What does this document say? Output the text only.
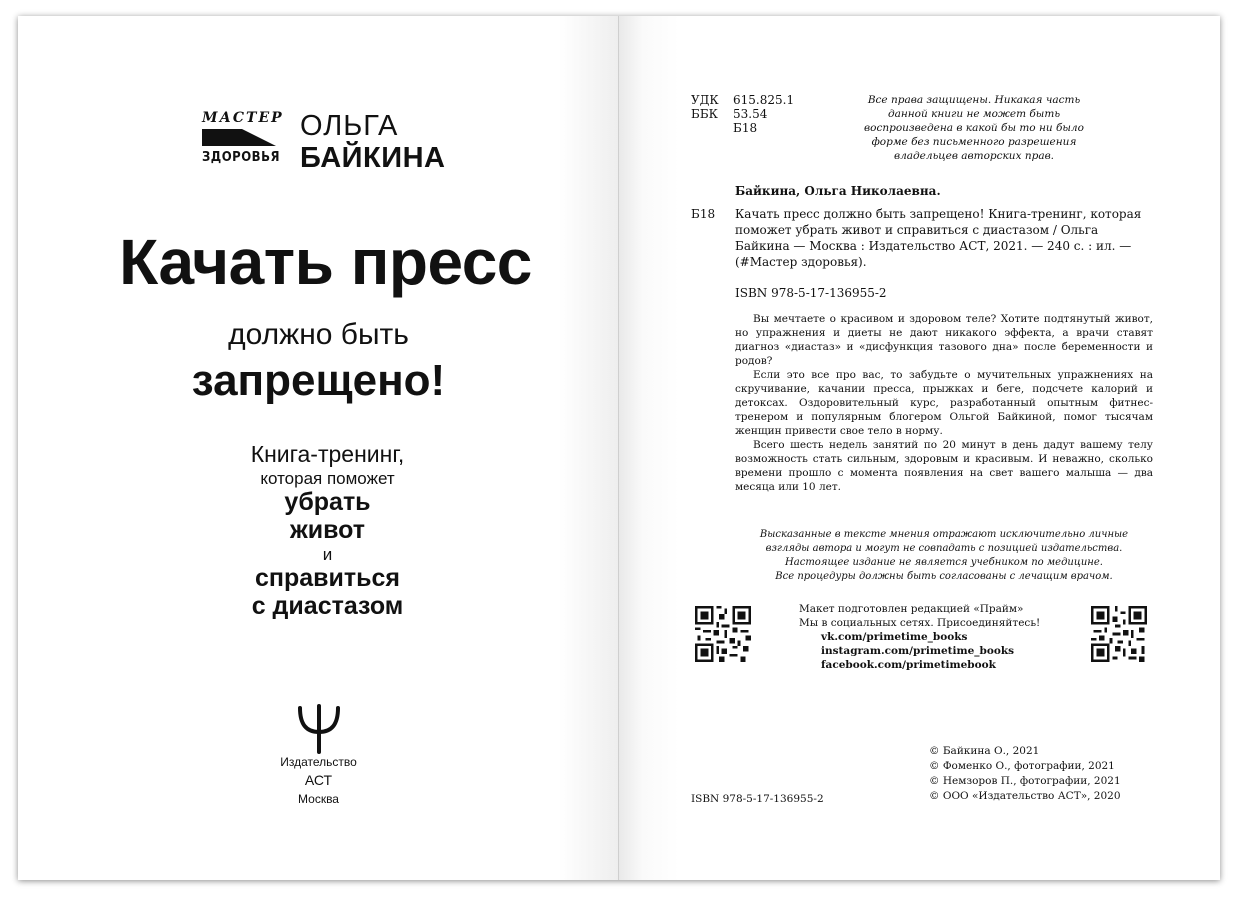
МАСТЕР
ЗДОРОВЬЯ
ОЛЬГА
БАЙКИНА
Качать пресс
должно быть
запрещено!
Книга-тренинг,
которая поможет
убрать
живот
и
справиться
с диастазом
Издательство
АСТ
Москва
УДК 615.825.1
ББК 53.54
Б18
Все права защищены. Никакая часть данной книги не может быть воспроизведена в какой бы то ни было форме без письменного разрешения владельцев авторских прав.
Байкина, Ольга Николаевна.
Б18 Качать пресс должно быть запрещено! Книга-тренинг, которая поможет убрать живот и справиться с диастазом / Ольга Байкина — Москва : Издательство АСТ, 2021. — 240 с. : ил. — (#Мастер здоровья).
ISBN 978-5-17-136955-2

Вы мечтаете о красивом и здоровом теле? Хотите подтянутый живот, но упражнения и диеты не дают никакого эффекта, а врачи ставят диагноз «диастаз» и «дисфункция тазового дна» после беременности и родов?

Если это все про вас, то забудьте о мучительных упражнениях на скручивание, качании пресса, прыжках и беге, подсчете калорий и детоксах. Оздоровительный курс, разработанный опытным фитнес-тренером и популярным блогером Ольгой Байкиной, помог тысячам женщин привести свое тело в норму.

Всего шесть недель занятий по 20 минут в день дадут вашему телу возможность стать сильным, здоровым и красивым. И неважно, сколько времени прошло с момента появления на свет вашего малыша — два месяца или 10 лет.

Высказанные в тексте мнения отражают исключительно личные
взгляды автора и могут не совпадать с позицией издательства.
Настоящее издание не является учебником по медицине.
Все процедуры должны быть согласованы с лечащим врачом.
Макет подготовлен редакцией «Прайм»
Мы в социальных сетях. Присоединяйтесь!
vk.com/primetime_books
instagram.com/primetime_books
facebook.com/primetimebook
© Байкина О., 2021
© Фоменко О., фотографии, 2021
© Немзоров П., фотографии, 2021
© ООО «Издательство АСТ», 2020
ISBN 978-5-17-136955-2
